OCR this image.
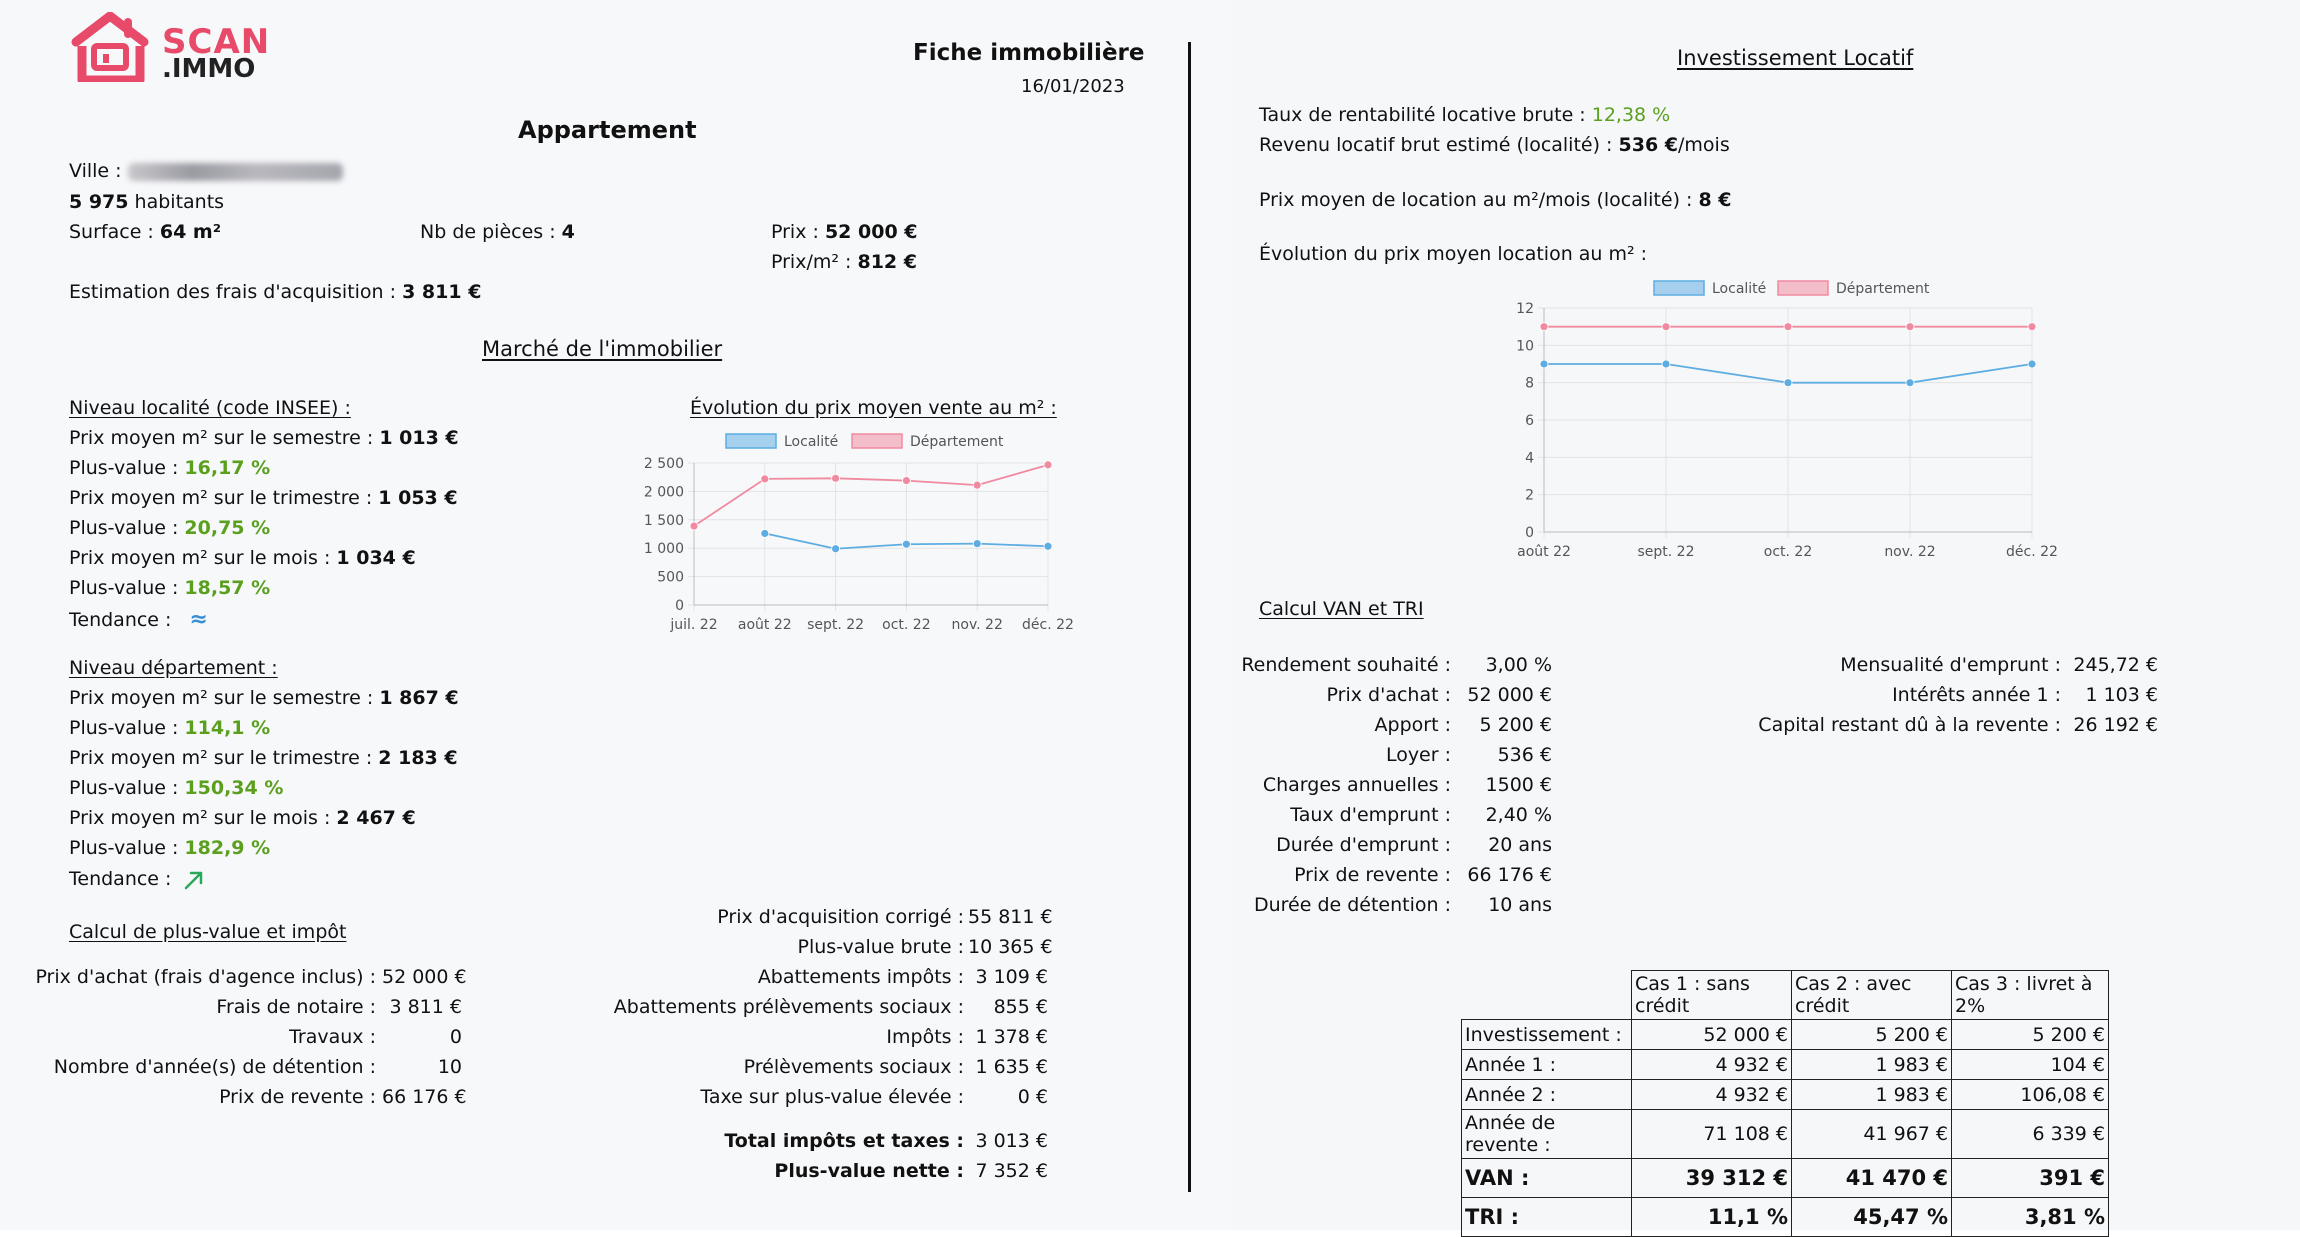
SCAN
.IMMO
Fiche immobilière
16/01/2023
Appartement
Ville :
5 975 habitants
Surface : 64 m²	Nb de pièces : 4	Prix : 52 000 €
Prix/m² : 812 €
Estimation des frais d'acquisition : 3 811 €
Marché de l'immobilier
Niveau localité (code INSEE) :
Prix moyen m² sur le semestre : 1 013 €
Plus-value : 16,17 %
Prix moyen m² sur le trimestre : 1 053 €
Plus-value : 20,75 %
Prix moyen m² sur le mois : 1 034 €
Plus-value : 18,57 %
Tendance : ≈
Niveau département :
Prix moyen m² sur le semestre : 1 867 €
Plus-value : 114,1 %
Prix moyen m² sur le trimestre : 2 183 €
Plus-value : 150,34 %
Prix moyen m² sur le mois : 2 467 €
Plus-value : 182,9 %
Tendance :
Évolution du prix moyen vente au m² :
0
500
1 000
1 500
2 000
2 500
juil. 22 août 22 sept. 22 oct. 22 nov. 22 déc. 22
Localité	Département
Calcul de plus-value et impôt
Prix d'achat (frais d'agence inclus) : 52 000 €
Frais de notaire : 3 811 €
Travaux :	0
Nombre d'année(s) de détention :	10
Prix de revente : 66 176 €
Prix d'acquisition corrigé : 55 811 €
Plus-value brute : 10 365 €
Abattements impôts : 3 109 €
Abattements prélèvements sociaux :	855 €
Impôts : 1 378 €
Prélèvements sociaux : 1 635 €
Taxe sur plus-value élevée :	0 €
Total impôts et taxes : 3 013 €
Plus-value nette : 7 352 €
Investissement Locatif
Taux de rentabilité locative brute : 12,38 %
Revenu locatif brut estimé (localité) : 536 €/mois
Prix moyen de location au m²/mois (localité) : 8 €
Évolution du prix moyen location au m² :
0
2
4
6
8
10
12
août 22	sept. 22	oct. 22	nov. 22	déc. 22
Localité	Département
Calcul VAN et TRI
Rendement souhaité :	3,00 %
Prix d'achat : 52 000 €
Apport :	5 200 €
Loyer :	536 €
Charges annuelles :	1500 €
Taux d'emprunt :	2,40 %
Durée d'emprunt :	20 ans
Prix de revente : 66 176 €
Durée de détention :	10 ans
Mensualité d'emprunt : 245,72 €
Intérêts année 1 :	1 103 €
Capital restant dû à la revente : 26 192 €
	Cas 1 : sans crédit	Cas 2 : avec crédit	Cas 3 : livret à 2%
Investissement :	52 000 €	5 200 €	5 200 €
Année 1 :	4 932 €	1 983 €	104 €
Année 2 :	4 932 €	1 983 €	106,08 €
Année de revente :	71 108 €	41 967 €	6 339 €
VAN :	39 312 €	41 470 €	391 €
TRI :	11,1 %	45,47 %	3,81 %
